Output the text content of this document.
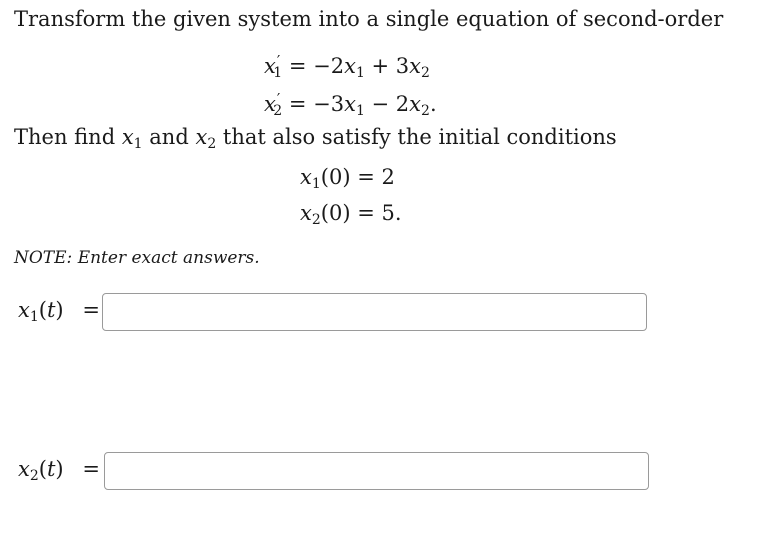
Transform the given system into a single equation of second-order
$x'_1 = -2x_1 + 3x_2$
$x'_2 = -3x_1 - 2x_2$.
Then find $x_1$ and $x_2$ that also satisfy the initial conditions
$x_1(0) = 2$
$x_2(0) = 5$.
NOTE: Enter exact answers.
$x_1(t)$ =
$x_2(t)$ =
